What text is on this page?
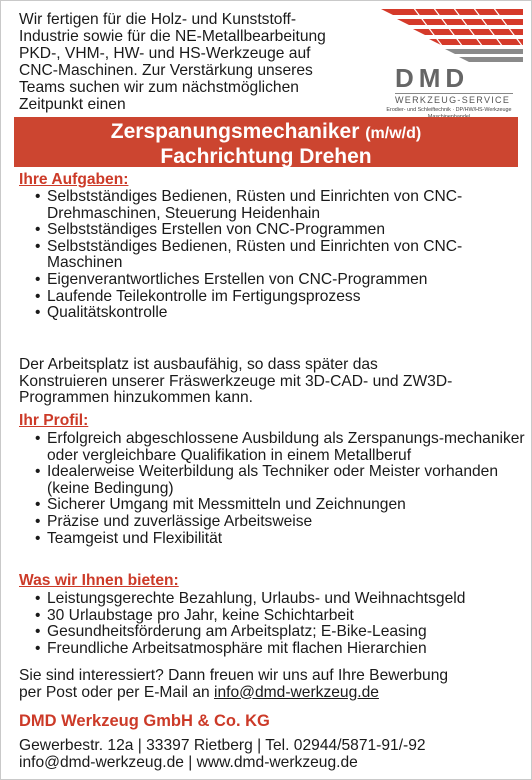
Wir fertigen für die Holz- und Kunststoff-
Industrie sowie für die NE-Metallbearbeitung
PKD-, VHM-, HW- und HS-Werkzeuge auf
CNC-Maschinen. Zur Verstärkung unseres
Teams suchen wir zum nächstmöglichen
Zeitpunkt einen
DMD
WERKZEUG-SERVICE
Erodier- und Schleiftechnik · DP/HW/HS-Werkzeuge

Zerspanungsmechaniker (m/w/d)
Fachrichtung Drehen
Ihre Aufgaben:
• Selbstständiges Bedienen, Rüsten und Einrichten von CNC-Drehmaschinen, Steuerung Heidenhain
• Selbstständiges Erstellen von CNC-Programmen
• Selbstständiges Bedienen, Rüsten und Einrichten von CNC-Maschinen
• Eigenverantwortliches Erstellen von CNC-Programmen
• Laufende Teilekontrolle im Fertigungsprozess
• Qualitätskontrolle
Der Arbeitsplatz ist ausbaufähig, so dass später das
Konstruieren unserer Fräswerkzeuge mit 3D-CAD- und ZW3D-
Programmen hinzukommen kann.
Ihr Profil:
• Erfolgreich abgeschlossene Ausbildung als Zerspanungs-mechaniker oder vergleichbare Qualifikation in einem Metallberuf
• Idealerweise Weiterbildung als Techniker oder Meister vorhanden (keine Bedingung)
• Sicherer Umgang mit Messmitteln und Zeichnungen
• Präzise und zuverlässige Arbeitsweise
• Teamgeist und Flexibilität
Was wir Ihnen bieten:
• Leistungsgerechte Bezahlung, Urlaubs- und Weihnachtsgeld
• 30 Urlaubstage pro Jahr, keine Schichtarbeit
• Gesundheitsförderung am Arbeitsplatz; E-Bike-Leasing
• Freundliche Arbeitsatmosphäre mit flachen Hierarchien
Sie sind interessiert? Dann freuen wir uns auf Ihre Bewerbung
per Post oder per E-Mail an info@dmd-werkzeug.de
DMD Werkzeug GmbH & Co. KG
Gewerbestr. 12a | 33397 Rietberg | Tel. 02944/5871-91/-92
info@dmd-werkzeug.de | www.dmd-werkzeug.de
